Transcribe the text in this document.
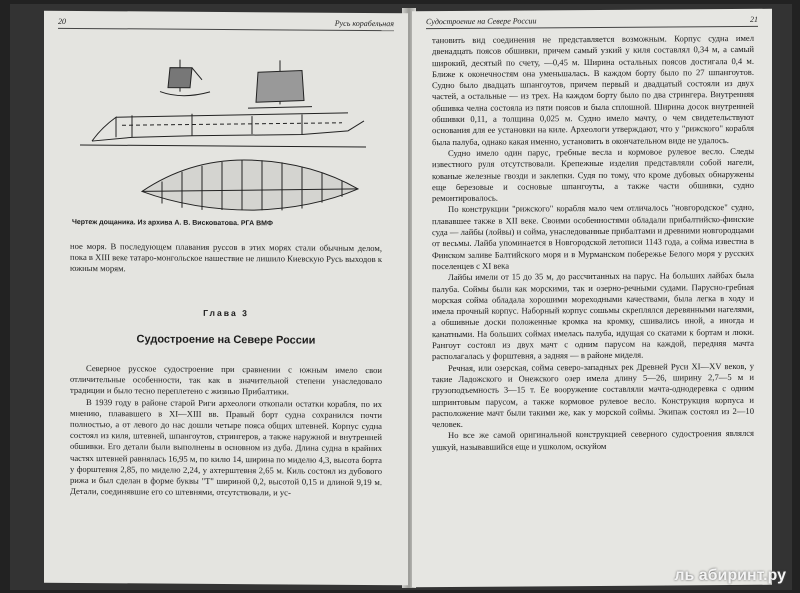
20	Русь корабельная
Чертеж дощаника. Из архива А. В. Висковатова. РГА ВМФ

ное моря. В последующем плавания руссов в этих морях стали обычным делом, пока в XIII веке татаро-монгольское нашествие не лишило Киевскую Русь выходов к южным морям.

Глава 3
Судостроение на Севере России

Северное русское судостроение при сравнении с южным имело свои отличительные особенности, так как в значительной степени унаследовало традиции и было тесно переплетено с жизнью Прибалтики.

В 1939 году в районе старой Риги археологи откопали остатки корабля, по их мнению, плававшего в XI—XIII вв. Правый борт судна сохранился почти полностью, а от левого до нас дошли четыре пояса общих штевней. Корпус судна состоял из киля, штевней, шпангоутов, стрингеров, а также наружной и внутренней обшивки. Его детали были выполнены в основном из дуба. Длина судна в крайних частях штевней равнялась 16,95 м, по килю 14, ширина по миделю 4,3, высота борта у форштевня 2,85, по миделю 2,24, у ахтерштевня 2,65 м. Киль состоял из дубового рижа и был сделан в форме буквы "Т" шириной 0,2, высотой 0,15 и длиной 9,19 м. Детали, соединявшие его со штевнями, отсутствовали, и ус-

Судостроение на Севере России	21

тановить вид соединения не представляется возможным. Корпус судна имел двенадцать поясов обшивки, причем самый узкий у киля составлял 0,34 м, а самый широкий, десятый по счету, —0,45 м. Ширина остальных поясов достигала 0,4 м. Ближе к оконечностям она уменьшалась. В каждом борту было по 27 шпангоутов. Судно было двадцать шпангоутов, причем первый и двадцатый состояли из двух частей, а остальные — из трех. На каждом борту было по два стрингера. Внутренняя обшивка челна состояла из пяти поясов и была сплошной. Ширина досок внутренней обшивки 0,11, а толщина 0,025 м. Судно имело мачту, о чем свидетельствуют основания для ее установки на киле. Археологи утверждают, что у "рижского" корабля была палуба, однако какая именно, установить в окончательном виде не удалось.

Судно имело один парус, гребные весла и кормовое рулевое весло. Следы известного руля отсутствовали. Крепежные изделия представляли собой нагели, кованые железные гвозди и заклепки. Судя по тому, что кроме дубовых обнаружены еще березовые и сосновые шпангоуты, а также части обшивки, судно ремонтировалось.

По конструкции "рижского" корабля мало чем отличалось "новгородское" судно, плававшее также в XII веке. Своими особенностями обладали прибалтийско-финские суда — лайбы (лойвы) и сойма, унаследованные прибалтами и древними новгородцами от весьмы. Лайба упоминается в Новгородской летописи 1143 года, а сойма известна в Финском заливе Балтийского моря и в Мурманском побережье Белого моря у русских поселенцев с XI века

Лайбы имели от 15 до 35 м, до рассчитанных на парус. На больших лайбах была палуба. Соймы были как морскими, так и озерно-речными судами. Парусно-гребная морская сойма обладала хорошими мореходными качествами, была легка в ходу и имела прочный корпус. Наборный корпус сошьмы скреплялся деревянными нагелями, а обшивные доски положенные кромка на кромку, сшивались иной, а иногда и канатными. На больших соймах имелась палуба, идущая со скатами к бортам и люки. Рангоут состоял из двух мачт с одним парусом на каждой, передняя мачта располагалась у форштевня, а задняя — в районе миделя.

Речная, или озерская, сойма северо-западных рек Древней Руси XI—XV веков, у такие Ладожского и Онежского озер имела длину 5—26, ширину 2,7—5 м и грузоподъемность 3—15 т. Ее вооружение составляли мачта-однодеревка с одним шпринтовым парусом, а также кормовое рулевое весло. Конструкция корпуса и расположение мачт были такими же, как у морской соймы. Экипаж состоял из 2—10 человек.

Но все же самой оригинальной конструкцией северного судостроения являлся ушкуй, называвшийся еще и ушколом, оскуйом

ль абиринт.ру
